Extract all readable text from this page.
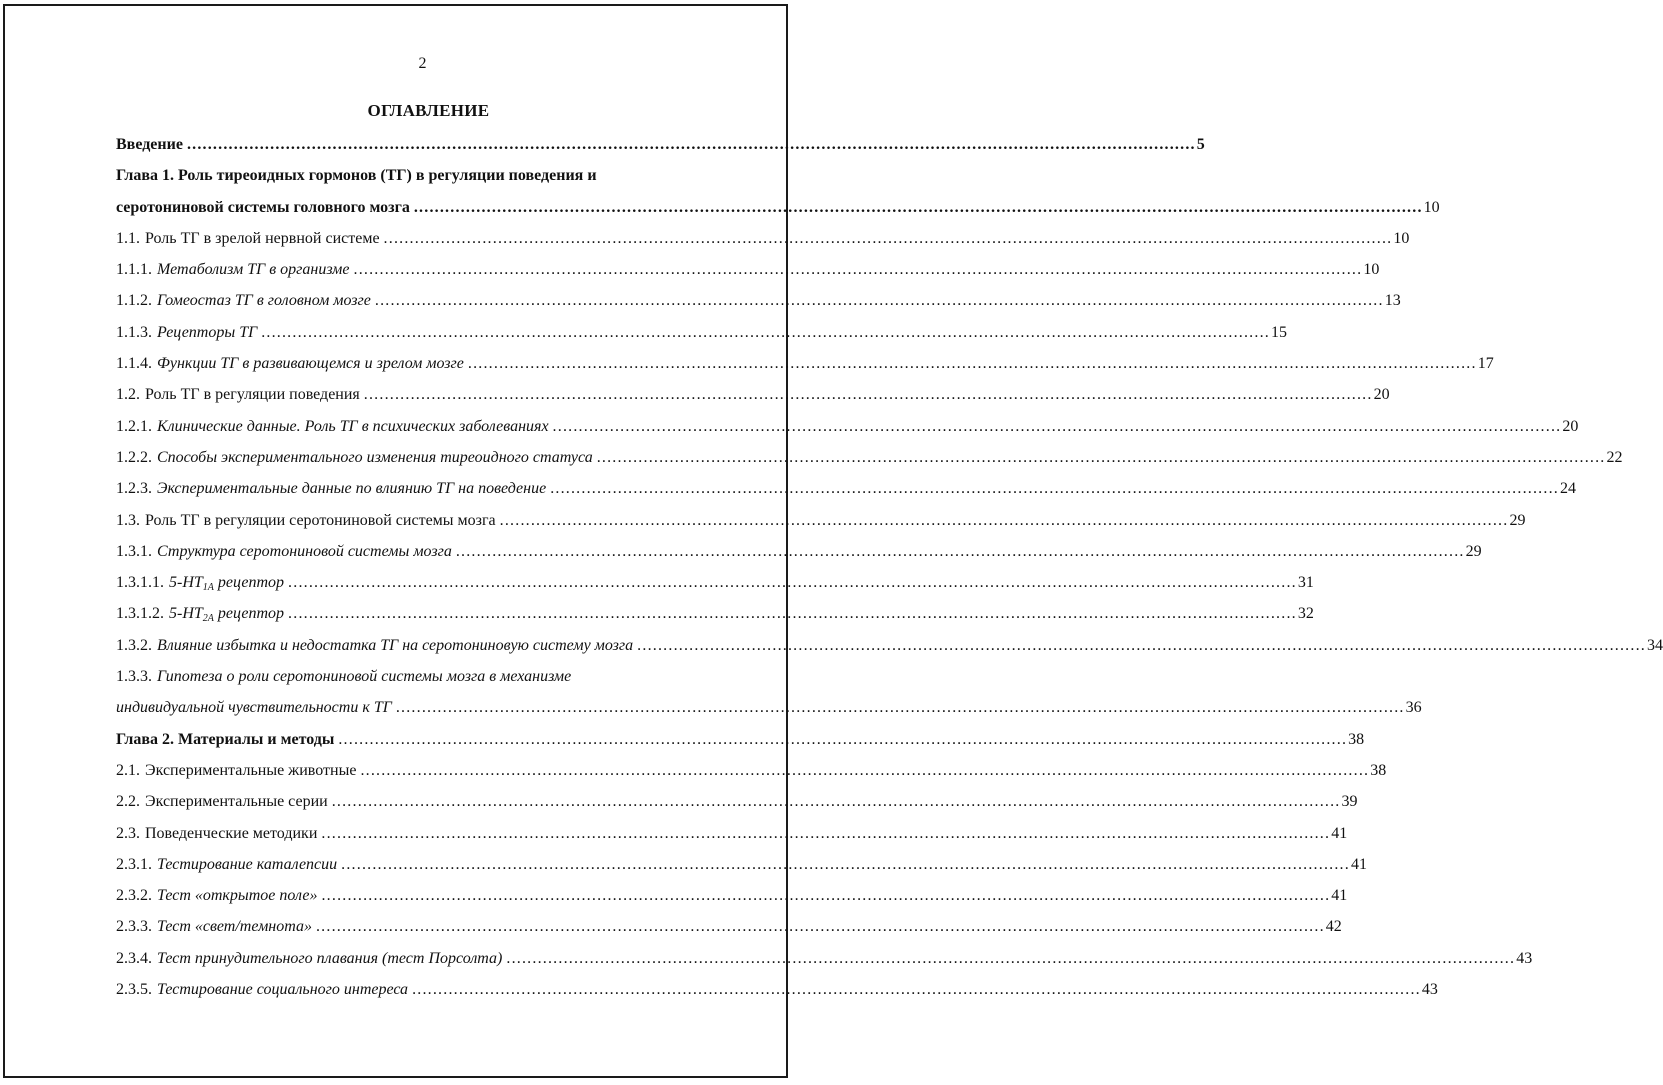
2
ОГЛАВЛЕНИЕ
Введение .....	5
Глава 1. Роль тиреоидных гормонов (ТГ) в регуляции поведения и
серотониновой системы головного мозга .....	10
1.1. Роль ТГ в зрелой нервной системе .....	10
1.1.1. Метаболизм ТГ в организме .....	10
1.1.2. Гомеостаз ТГ в головном мозге .....	13
1.1.3. Рецепторы ТГ .....	15
1.1.4. Функции ТГ в развивающемся и зрелом мозге .....	17
1.2. Роль ТГ в регуляции поведения .....	20
1.2.1. Клинические данные. Роль ТГ в психических заболеваниях .....	20
1.2.2. Способы экспериментального изменения тиреоидного статуса .....	22
1.2.3. Экспериментальные данные по влиянию ТГ на поведение .....	24
1.3. Роль ТГ в регуляции серотониновой системы мозга .....	29
1.3.1. Структура серотониновой системы мозга .....	29
1.3.1.1. $5-HT_{1A}$ рецептор .....	31
1.3.1.2. $5-HT_{2A}$ рецептор .....	32
1.3.2. Влияние избытка и недостатка ТГ на серотониновую систему мозга .....	34
1.3.3. Гипотеза о роли серотониновой системы мозга в механизме
индивидуальной чувствительности к ТГ .....	36
Глава 2. Материалы и методы .....	38
2.1. Экспериментальные животные .....	38
2.2. Экспериментальные серии .....	39
2.3. Поведенческие методики .....	41
2.3.1. Тестирование каталепсии .....	41
2.3.2. Тест «открытое поле» .....	41
2.3.3. Тест «свет/темнота» .....	42
2.3.4. Тест принудительного плавания (тест Порсолта) .....	43
2.3.5. Тестирование социального интереса .....	43
